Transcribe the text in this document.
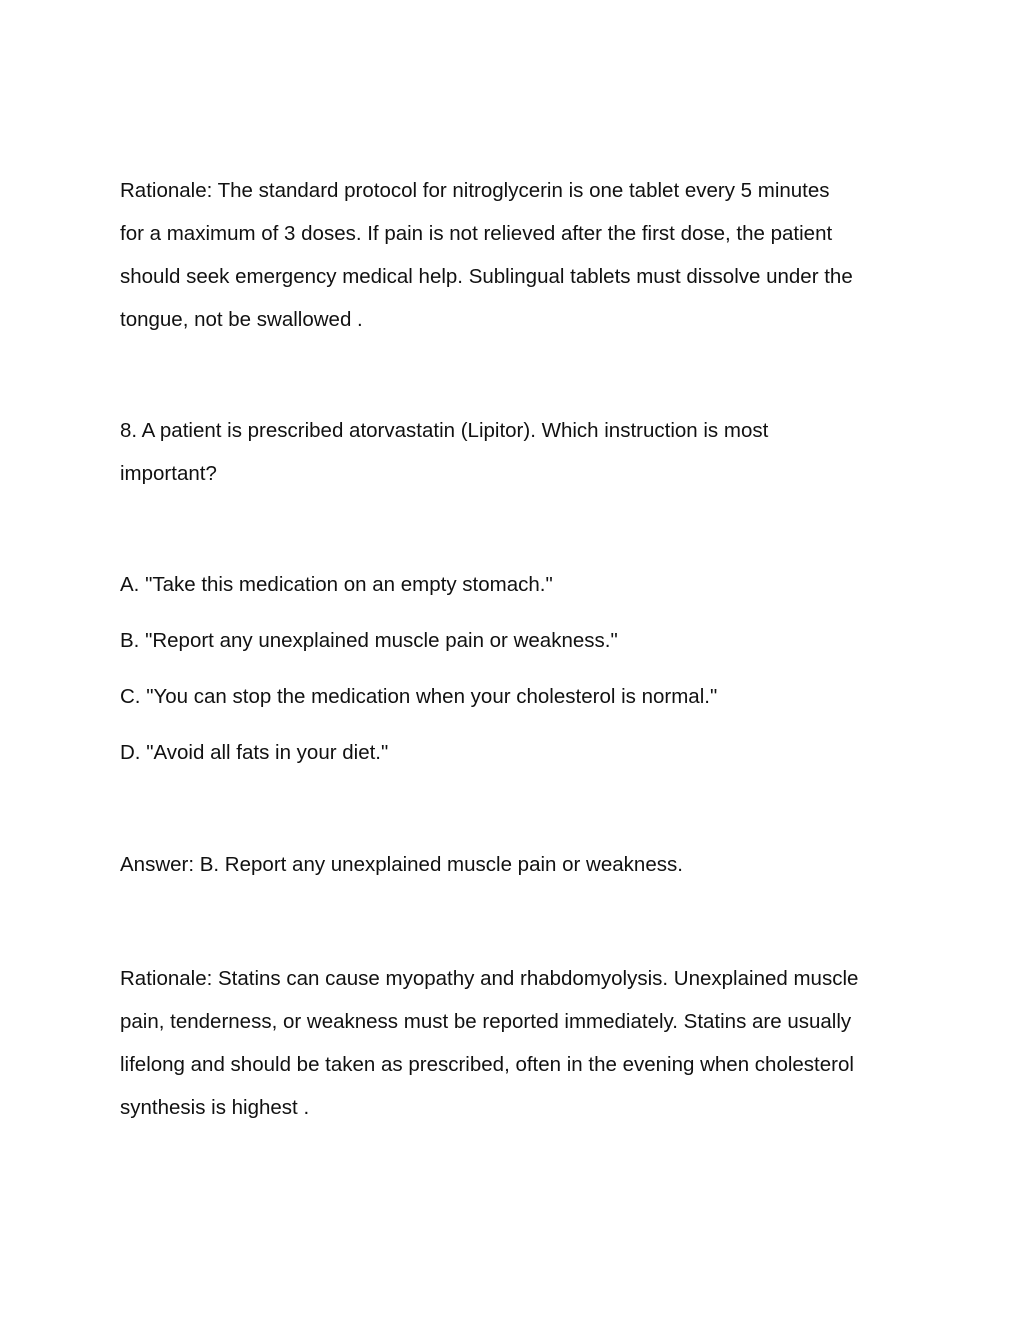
Rationale: The standard protocol for nitroglycerin is one tablet every 5 minutes
for a maximum of 3 doses. If pain is not relieved after the first dose, the patient
should seek emergency medical help. Sublingual tablets must dissolve under the
tongue, not be swallowed .

8. A patient is prescribed atorvastatin (Lipitor). Which instruction is most
important?

A. "Take this medication on an empty stomach."

B. "Report any unexplained muscle pain or weakness."

C. "You can stop the medication when your cholesterol is normal."

D. "Avoid all fats in your diet."

Answer: B. Report any unexplained muscle pain or weakness.

Rationale: Statins can cause myopathy and rhabdomyolysis. Unexplained muscle
pain, tenderness, or weakness must be reported immediately. Statins are usually
lifelong and should be taken as prescribed, often in the evening when cholesterol
synthesis is highest .
